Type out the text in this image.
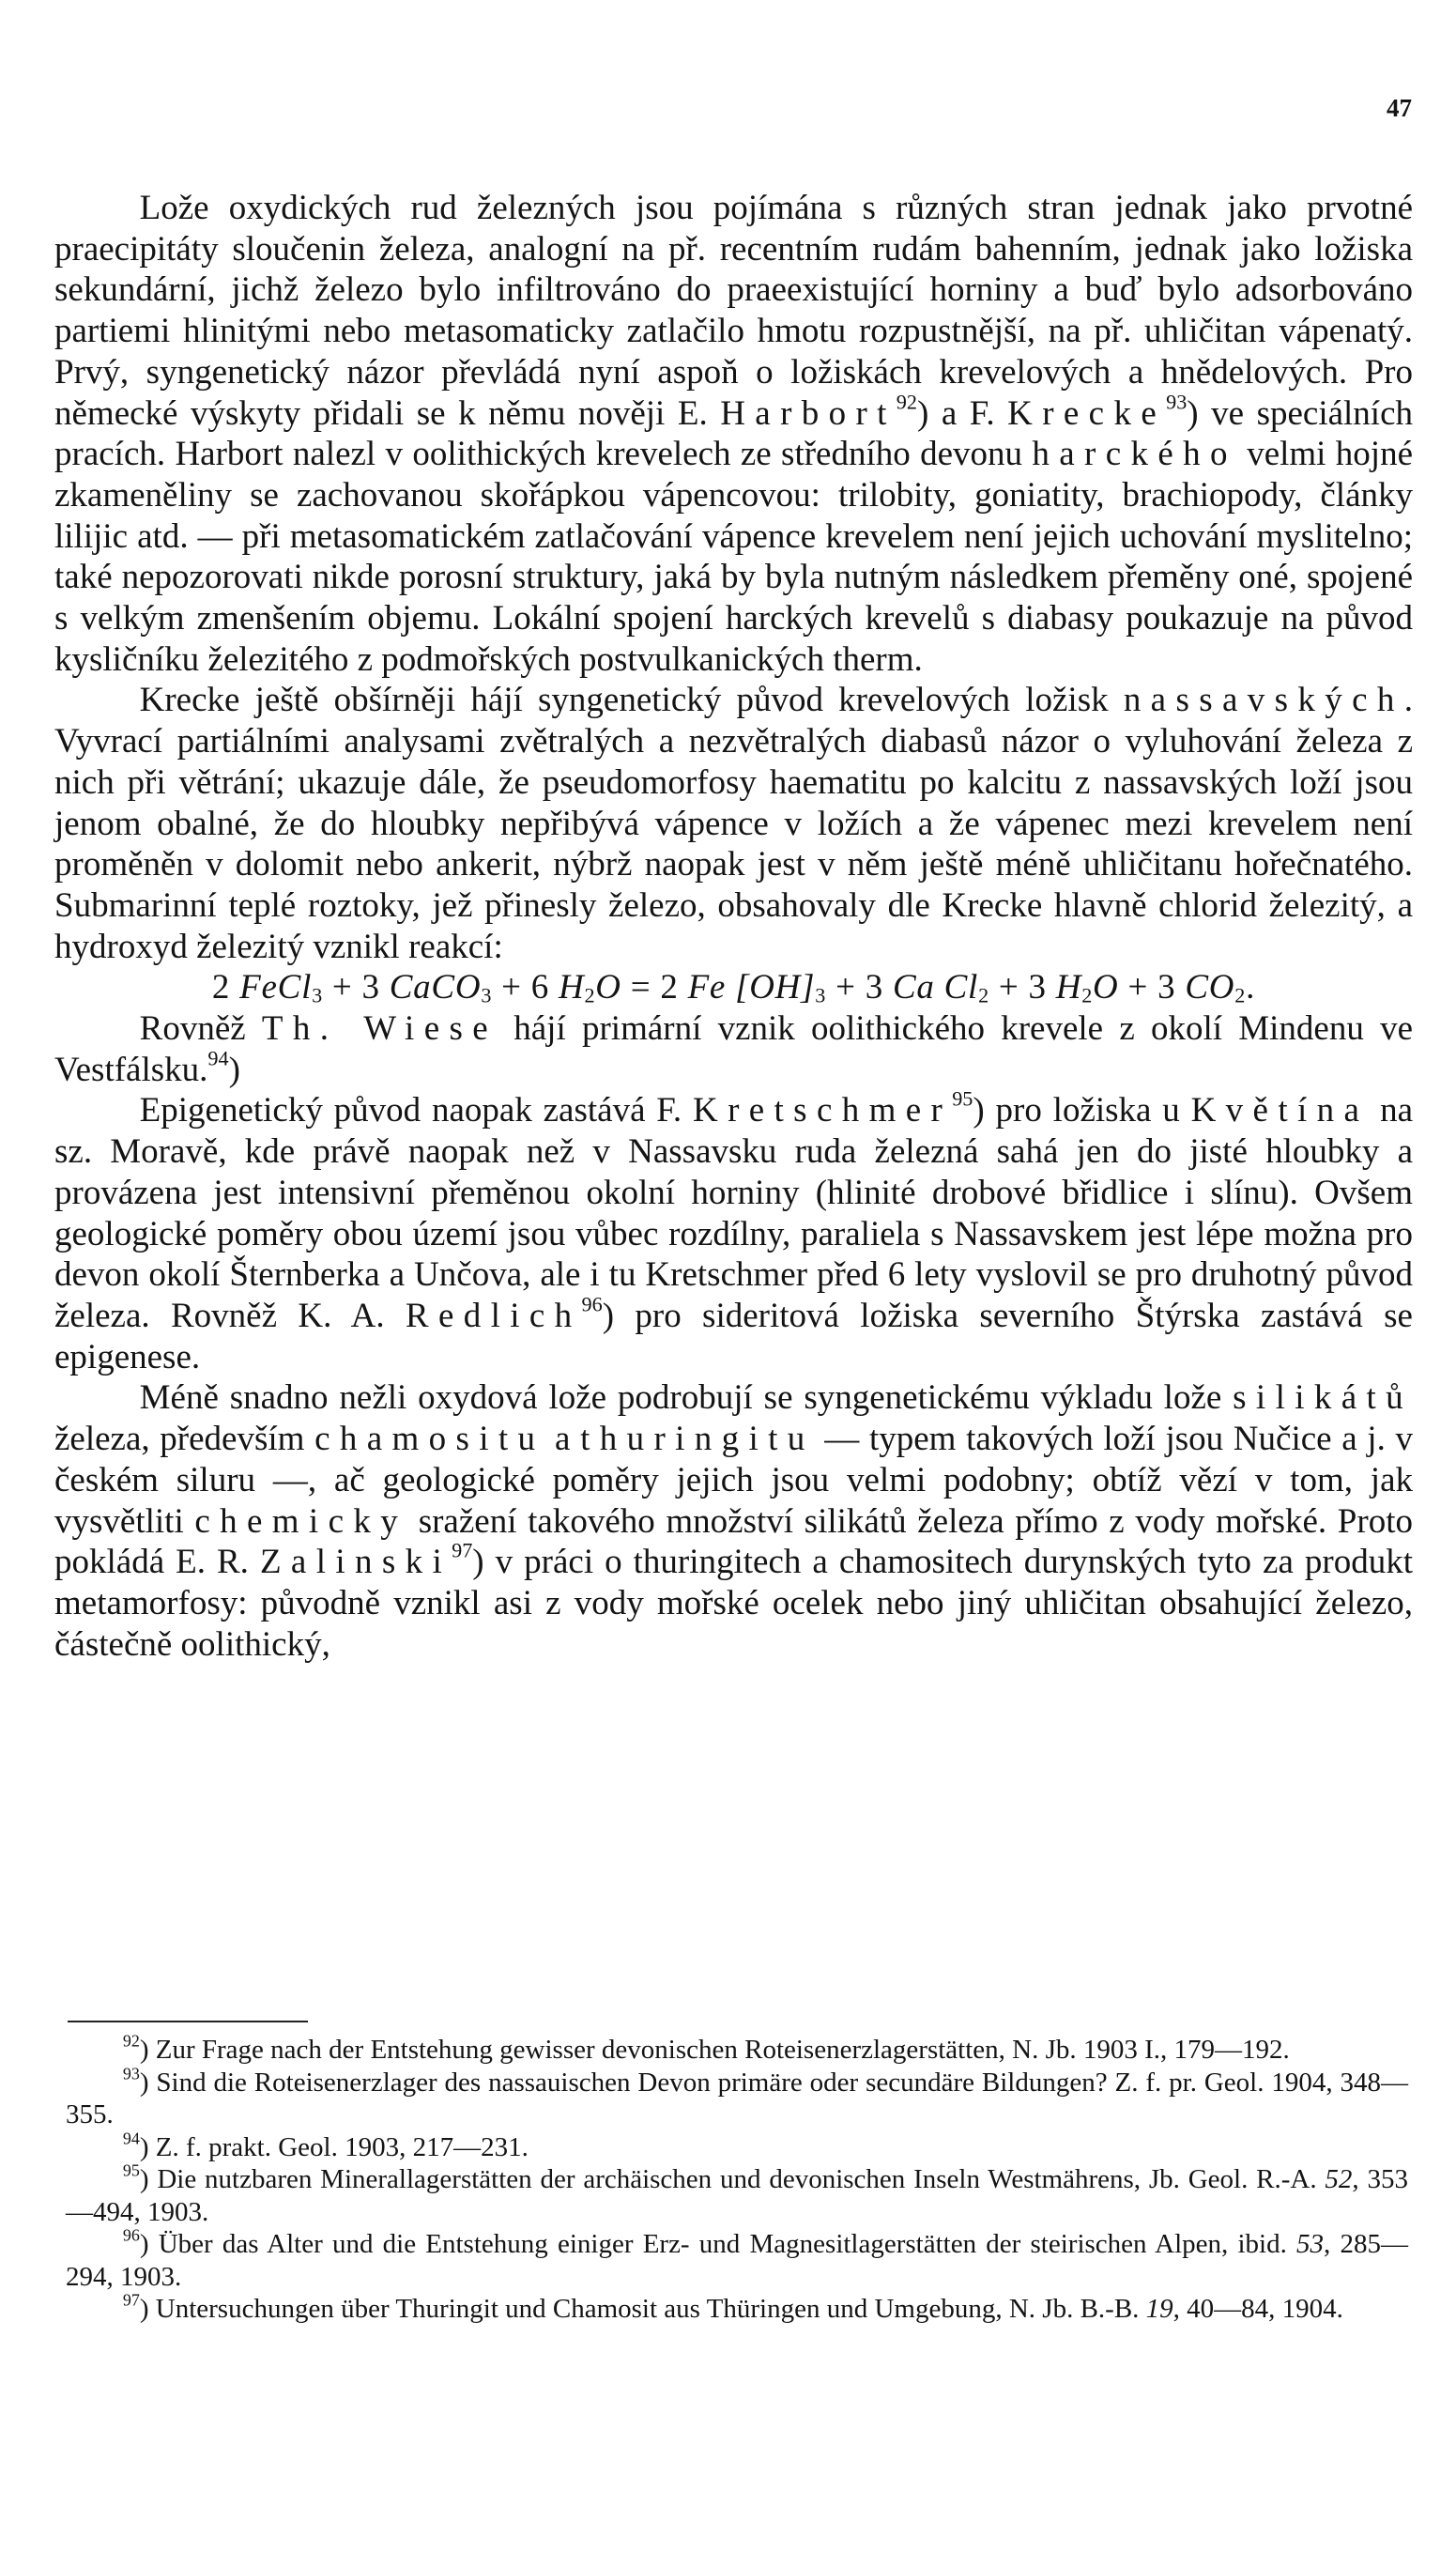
47

Lože oxydických rud železných jsou pojímána s různých stran jednak jako prvotné praecipitáty sloučenin železa, analogní na př. recentním rudám bahenním, jednak jako ložiska sekundární, jichž železo bylo infiltrováno do praeexistující horniny a buď bylo adsorbováno partiemi hlinitými nebo metasomaticky zatlačilo hmotu rozpustnější, na př. uhličitan vápenatý. Prvý, syngenetický názor převládá nyní aspoň o ložiskách krevelových a hnědelových. Pro německé výskyty přidali se k němu nověji E. Harbort$^{92}$) a F. Krecke$^{93}$) ve speciálních pracích. Harbort nalezl v oolithických krevelech ze středního devonu harckého velmi hojné zkameněliny se zachovanou skořápkou vápencovou: trilobity, goniatity, brachiopody, články lilijic atd. — při metasomatickém zatlačování vápence krevelem není jejich uchování myslitelno; také nepozorovati nikde porosní struktury, jaká by byla nutným následkem přeměny oné, spojené s velkým zmenšením objemu. Lokální spojení harckých krevelů s diabasy poukazuje na původ kysličníku železitého z podmořských postvulkanických therm.

Krecke ještě obšírněji hájí syngenetický původ krevelových ložisk nassavských. Vyvrací partiálními analysami zvětralých a nezvětralých diabasů názor o vyluhování železa z nich při větrání; ukazuje dále, že pseudomorfosy haematitu po kalcitu z nassavských loží jsou jenom obalné, že do hloubky nepřibývá vápence v ložích a že vápenec mezi krevelem není proměněn v dolomit nebo ankerit, nýbrž naopak jest v něm ještě méně uhličitanu hořečnatého. Submarinní teplé roztoky, jež přinesly železo, obsahovaly dle Krecke hlavně chlorid železitý, a hydroxyd železitý vznikl reakcí:

2 FeCl$_3$ + 3 CaCO$_3$ + 6 $H_2O = 2$ Fe $[OH]_3 + 3$ Ca $Cl_2 + 3$ $H_2O + 3$ $CO_2$.

Rovněž Th. Wiese hájí primární vznik oolithického krevele z okolí Mindenu ve Vestfálsku.$^{94}$)

Epigenetický původ naopak zastává F. Kretschmer$^{95}$) pro ložiska u Květína na sz. Moravě, kde právě naopak než v Nassavsku ruda železná sahá jen do jisté hloubky a provázena jest intensivní přeměnou okolní horniny (hlinité drobové břidlice i slínu). Ovšem geologické poměry obou území jsou vůbec rozdílny, paraliela s Nassavskem jest lépe možna pro devon okolí Šternberka a Unčova, ale i tu Kretschmer před 6 lety vyslovil se pro druhotný původ železa. Rovněž K. A. Redlich$^{96}$) pro sideritová ložiska severního Štýrska zastává se epigenese.

Méně snadno nežli oxydová lože podrobují se syngenetickému výkladu lože silikátů železa, především chamositu a thuringitu — typem takových loží jsou Nučice a j. v českém siluru —, ač geologické poměry jejich jsou velmi podobny; obtíž vězí v tom, jak vysvětliti chemicky sražení takového množství silikátů železa přímo z vody mořské. Proto pokládá E. R. Zalinski$^{97}$) v práci o thuringitech a chamositech durynských tyto za produkt metamorfosy: původně vznikl asi z vody mořské ocelek nebo jiný uhličitan obsahující železo, částečně oolithický,

$^{92}$) Zur Frage nach der Entstehung gewisser devonischen Roteisenerzlagerstätten, N. Jb. 1903 I., 179—192.

$^{93}$) Sind die Roteisenerzlager des nassauischen Devon primäre oder secundäre Bildungen? Z. f. pr. Geol. 1904, 348—355.

$^{94}$) Z. f. prakt. Geol. 1903, 217—231.

$^{95}$) Die nutzbaren Minerallagerstätten der archäischen und devonischen Inseln Westmährens, Jb. Geol. R.-A. 52, 353—494, 1903.

$^{96}$) Über das Alter und die Entstehung einiger Erz- und Magnesitlagerstätten der steirischen Alpen, ibid. 53, 285—294, 1903.

$^{97}$) Untersuchungen über Thuringit und Chamosit aus Thüringen und Umgebung, N. Jb. B.-B. 19, 40—84, 1904.
